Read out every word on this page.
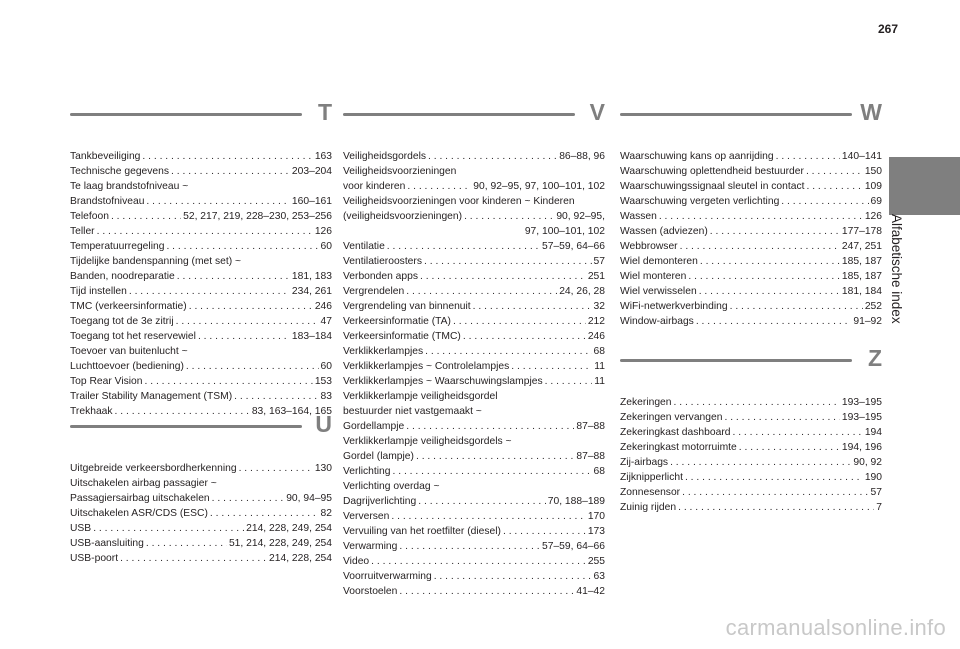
267
Alfabetische index
T
Tankbeveiliging . . .	163
Technische gegevens . . .	203–204
Te laag brandstofniveau ~
Brandstofniveau . . .	160–161
Telefoon . . .	52, 217, 219, 228–230, 253–256
Teller . . .	126
Temperatuurregeling . . .	60
Tijdelijke bandenspanning (met set) ~
Banden, noodreparatie . . .	181, 183
Tijd instellen . . .	234, 261
TMC (verkeersinformatie) . . .	246
Toegang tot de 3e zitrij . . .	47
Toegang tot het reservewiel . . .	183–184
Toevoer van buitenlucht ~
Luchttoevoer (bediening) . . .	60
Top Rear Vision . . .	153
Trailer Stability Management (TSM) . . .	83
Trekhaak . . .	83, 163–164, 165
U
Uitgebreide verkeersbordherkenning . . .	130
Uitschakelen airbag passagier ~
Passagiersairbag uitschakelen . . .	90, 94–95
Uitschakelen ASR/CDS (ESC) . . .	82
USB . . .	214, 228, 249, 254
USB-aansluiting . . .	51, 214, 228, 249, 254
USB-poort . . .	214, 228, 254
V
Veiligheidsgordels . . .	86–88, 96
Veiligheidsvoorzieningen
voor kinderen . . .	90, 92–95, 97, 100–101, 102
Veiligheidsvoorzieningen voor kinderen ~ Kinderen
(veiligheidsvoorzieningen) . . .	90, 92–95,
97, 100–101, 102
Ventilatie . . .	57–59, 64–66
Ventilatieroosters . . .	57
Verbonden apps . . .	251
Vergrendelen . . .	24, 26, 28
Vergrendeling van binnenuit . . .	32
Verkeersinformatie (TA) . . .	212
Verkeersinformatie (TMC) . . .	246
Verklikkerlampjes . . .	68
Verklikkerlampjes ~ Controlelampjes . . .	11
Verklikkerlampjes ~ Waarschuwingslampjes . . .	11
Verklikkerlampje veiligheidsgordel
bestuurder niet vastgemaakt ~
Gordellampje . . .	87–88
Verklikkerlampje veiligheidsgordels ~
Gordel (lampje) . . .	87–88
Verlichting . . .	68
Verlichting overdag ~
Dagrijverlichting . . .	70, 188–189
Verversen . . .	170
Vervuiling van het roetfilter (diesel) . . .	173
Verwarming . . .	57–59, 64–66
Video . . .	255
Voorruitverwarming . . .	63
Voorstoelen . . .	41–42
W
Waarschuwing kans op aanrijding . . .	140–141
Waarschuwing oplettendheid bestuurder . . .	150
Waarschuwingssignaal sleutel in contact . . .	109
Waarschuwing vergeten verlichting . . .	69
Wassen . . .	126
Wassen (adviezen) . . .	177–178
Webbrowser . . .	247, 251
Wiel demonteren . . .	185, 187
Wiel monteren . . .	185, 187
Wiel verwisselen . . .	181, 184
WiFi-netwerkverbinding . . .	252
Window-airbags . . .	91–92
Z
Zekeringen . . .	193–195
Zekeringen vervangen . . .	193–195
Zekeringkast dashboard . . .	194
Zekeringkast motorruimte . . .	194, 196
Zij-airbags . . .	90, 92
Zijknipperlicht . . .	190
Zonnesensor . . .	57
Zuinig rijden . . .	7
carmanualsonline.info
